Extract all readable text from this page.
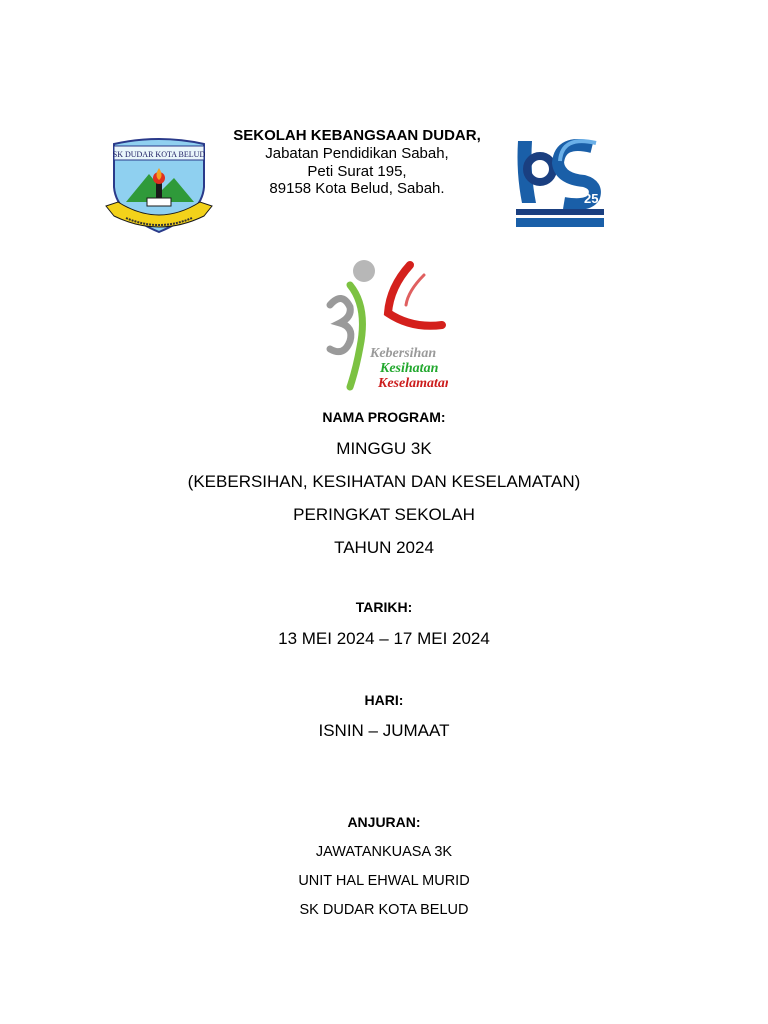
SK DUDAR KOTA BELUD
SEKOLAH KEBANGSAAN DUDAR,
Jabatan Pendidikan Sabah,
Peti Surat 195,
89158 Kota Belud, Sabah.
25
Kebersihan
Kesihatan
Keselamatan
NAMA PROGRAM:
MINGGU 3K
(KEBERSIHAN, KESIHATAN DAN KESELAMATAN)
PERINGKAT SEKOLAH
TAHUN 2024
TARIKH:
13 MEI 2024 – 17 MEI 2024
HARI:
ISNIN – JUMAAT
ANJURAN:
JAWATANKUASA 3K
UNIT HAL EHWAL MURID
SK DUDAR KOTA BELUD
